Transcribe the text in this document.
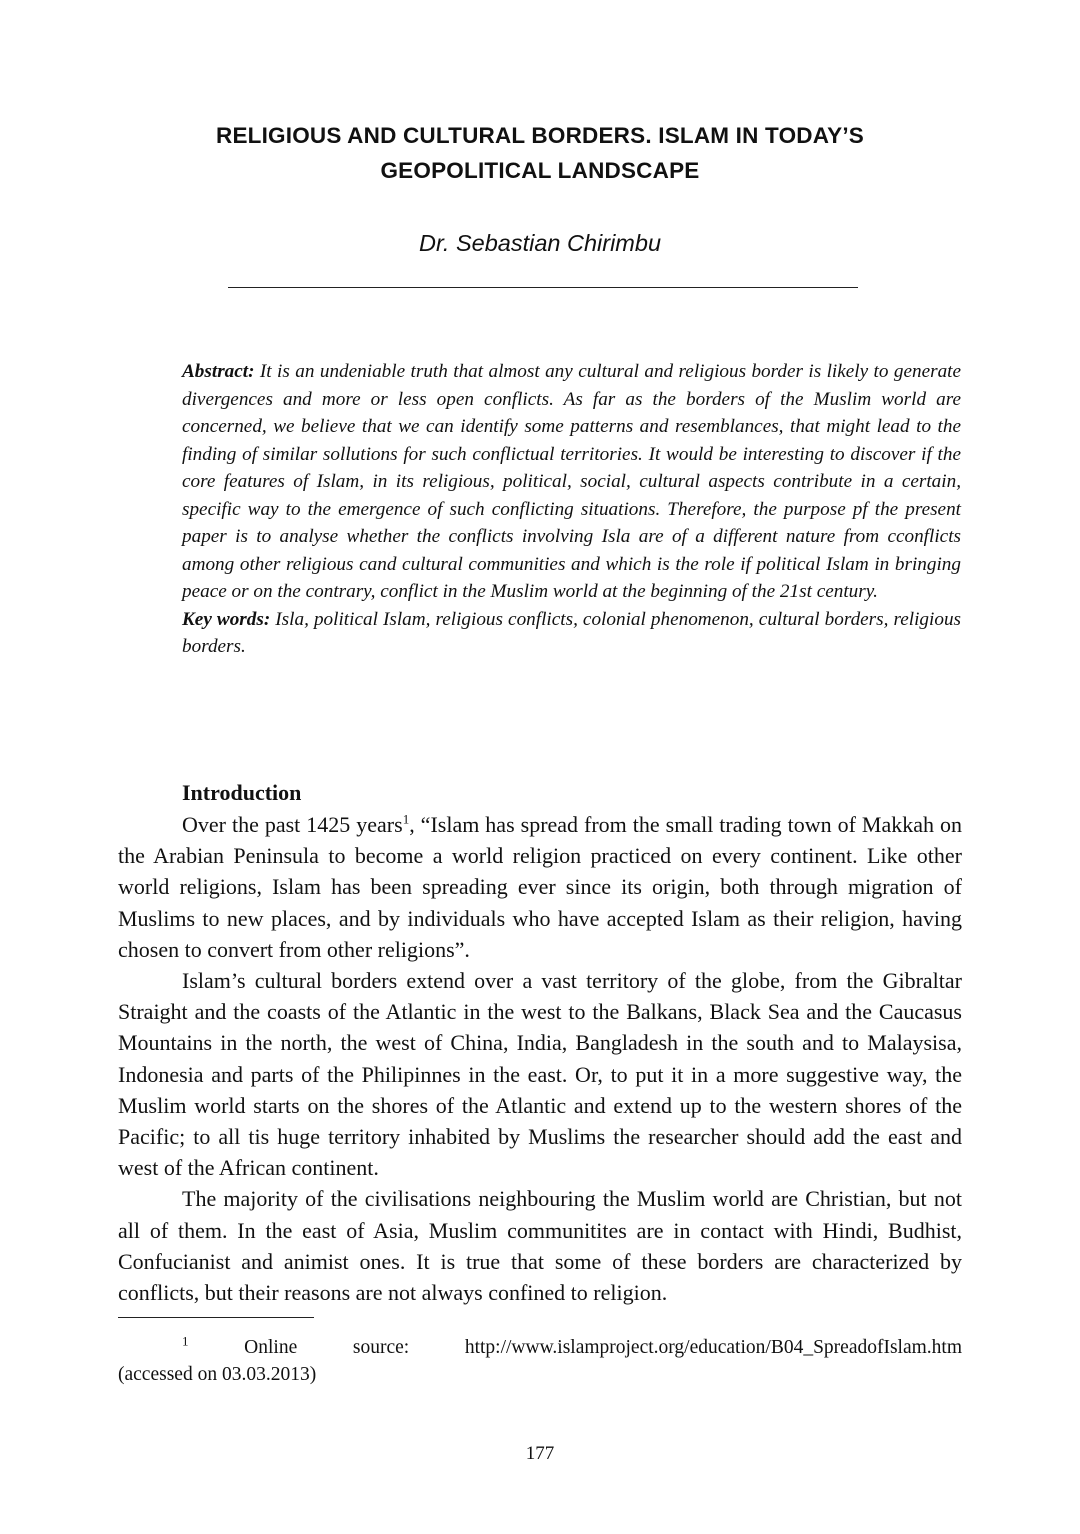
RELIGIOUS AND CULTURAL BORDERS. ISLAM IN TODAY’S
GEOPOLITICAL LANDSCAPE

Dr. Sebastian Chirimbu

Abstract: It is an undeniable truth that almost any cultural and religious border is likely to generate divergences and more or less open conflicts. As far as the borders of the Muslim world are concerned, we believe that we can identify some patterns and resemblances, that might lead to the finding of similar sollutions for such conflictual territories. It would be interesting to discover if the core features of Islam, in its religious, political, social, cultural aspects contribute in a certain, specific way to the emergence of such conflicting situations. Therefore, the purpose pf the present paper is to analyse whether the conflicts involving Isla are of a different nature from cconflicts among other religious cand cultural communities and which is the role if political Islam in bringing peace or on the contrary, conflict in the Muslim world at the beginning of the 21st century.

Key words: Isla, political Islam, religious conflicts, colonial phenomenon, cultural borders, religious borders.

Introduction

Over the past 1425 years$^1$, “Islam has spread from the small trading town of Makkah on the Arabian Peninsula to become a world religion practiced on every continent. Like other world religions, Islam has been spreading ever since its origin, both through migration of Muslims to new places, and by individuals who have accepted Islam as their religion, having chosen to convert from other religions”.

Islam’s cultural borders extend over a vast territory of the globe, from the Gibraltar Straight and the coasts of the Atlantic in the west to the Balkans, Black Sea and the Caucasus Mountains in the north, the west of China, India, Bangladesh in the south and to Malaysisa, Indonesia and parts of the Philipinnes in the east. Or, to put it in a more suggestive way, the Muslim world starts on the shores of the Atlantic and extend up to the western shores of the Pacific; to all tis huge territory inhabited by Muslims the researcher should add the east and west of the African continent.

The majority of the civilisations neighbouring the Muslim world are Christian, but not all of them. In the east of Asia, Muslim communitites are in contact with Hindi, Budhist, Confucianist and animist ones. It is true that some of these borders are characterized by conflicts, but their reasons are not always confined to religion.

$^1$	Online source: http://www.islamproject.org/education/B04_SpreadofIslam.htm
(accessed on 03.03.2013)

177
